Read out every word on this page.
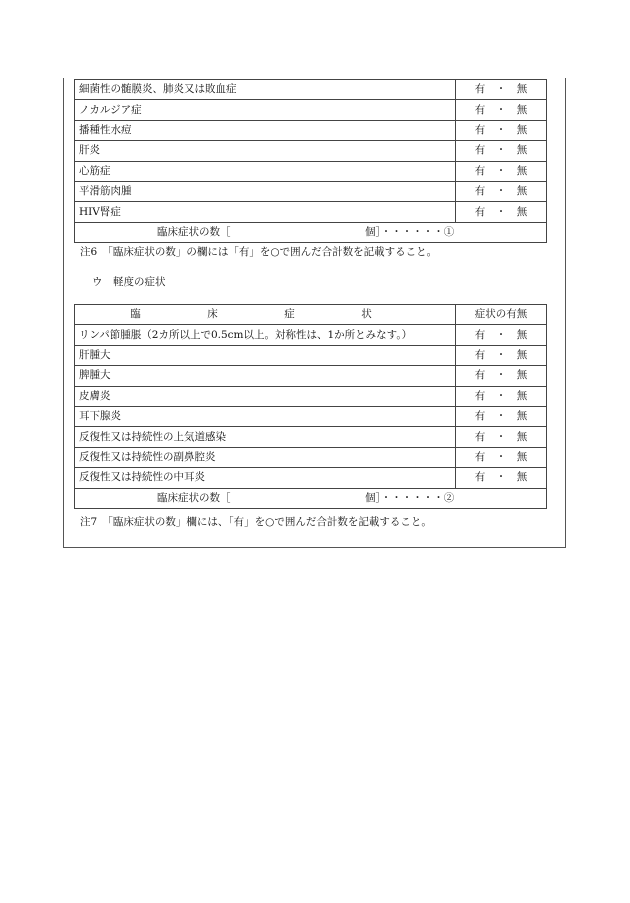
細菌性の髄膜炎、肺炎又は敗血症	有　・　無
ノカルジア症	有　・　無
播種性水痘	有　・　無
肝炎	有　・　無
心筋症	有　・　無
平滑筋肉腫	有　・　無
HIV腎症	有　・　無

臨床症状の数［ 個］・・・・・・①	
注6　「臨床症状の数」の欄には「有」を○で囲んだ合計数を記載すること。
ウ　軽度の症状
臨　床　症　状	症状の有無
リンパ節腫脹（2カ所以上で0.5cm以上。対称性は、1か所とみなす。）	有　・　無
肝腫大	有　・　無
脾腫大	有　・　無
皮膚炎	有　・　無
耳下腺炎	有　・　無
反復性又は持続性の上気道感染	有　・　無
反復性又は持続性の副鼻腔炎	有　・　無
反復性又は持続性の中耳炎	有　・　無

臨床症状の数［ 個］・・・・・・②	
注7　「臨床症状の数」欄には、「有」を○で囲んだ合計数を記載すること。
